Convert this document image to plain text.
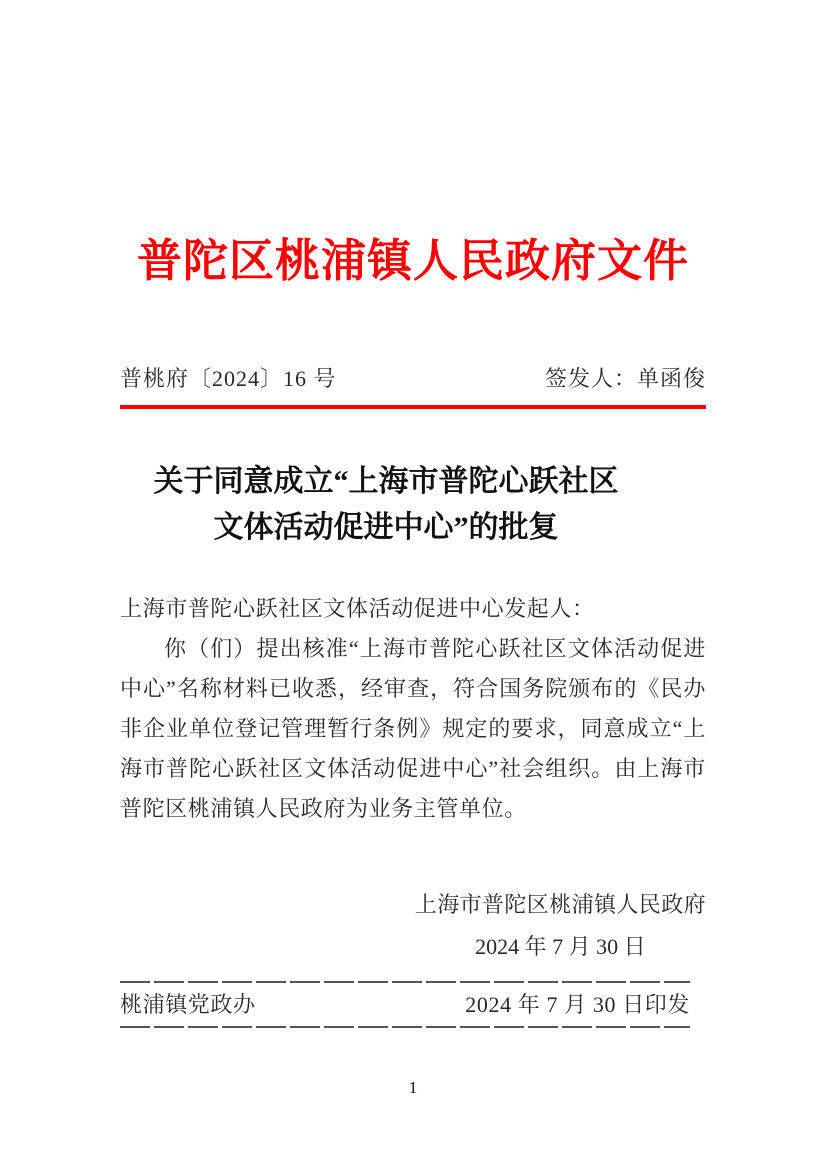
普陀区桃浦镇人民政府文件
普桃府〔2024〕16 号	签发人：单函俊
关于同意成立“上海市普陀心跃社区
文体活动促进中心”的批复

上海市普陀心跃社区文体活动促进中心发起人：

你（们）提出核准“上海市普陀心跃社区文体活动促进中心”名称材料已收悉，经审查，符合国务院颁布的《民办非企业单位登记管理暂行条例》规定的要求，同意成立“上海市普陀心跃社区文体活动促进中心”社会组织。由上海市普陀区桃浦镇人民政府为业务主管单位。

上海市普陀区桃浦镇人民政府
2024 年 7 月 30 日
桃浦镇党政办	2024 年 7 月 30 日印发
1
